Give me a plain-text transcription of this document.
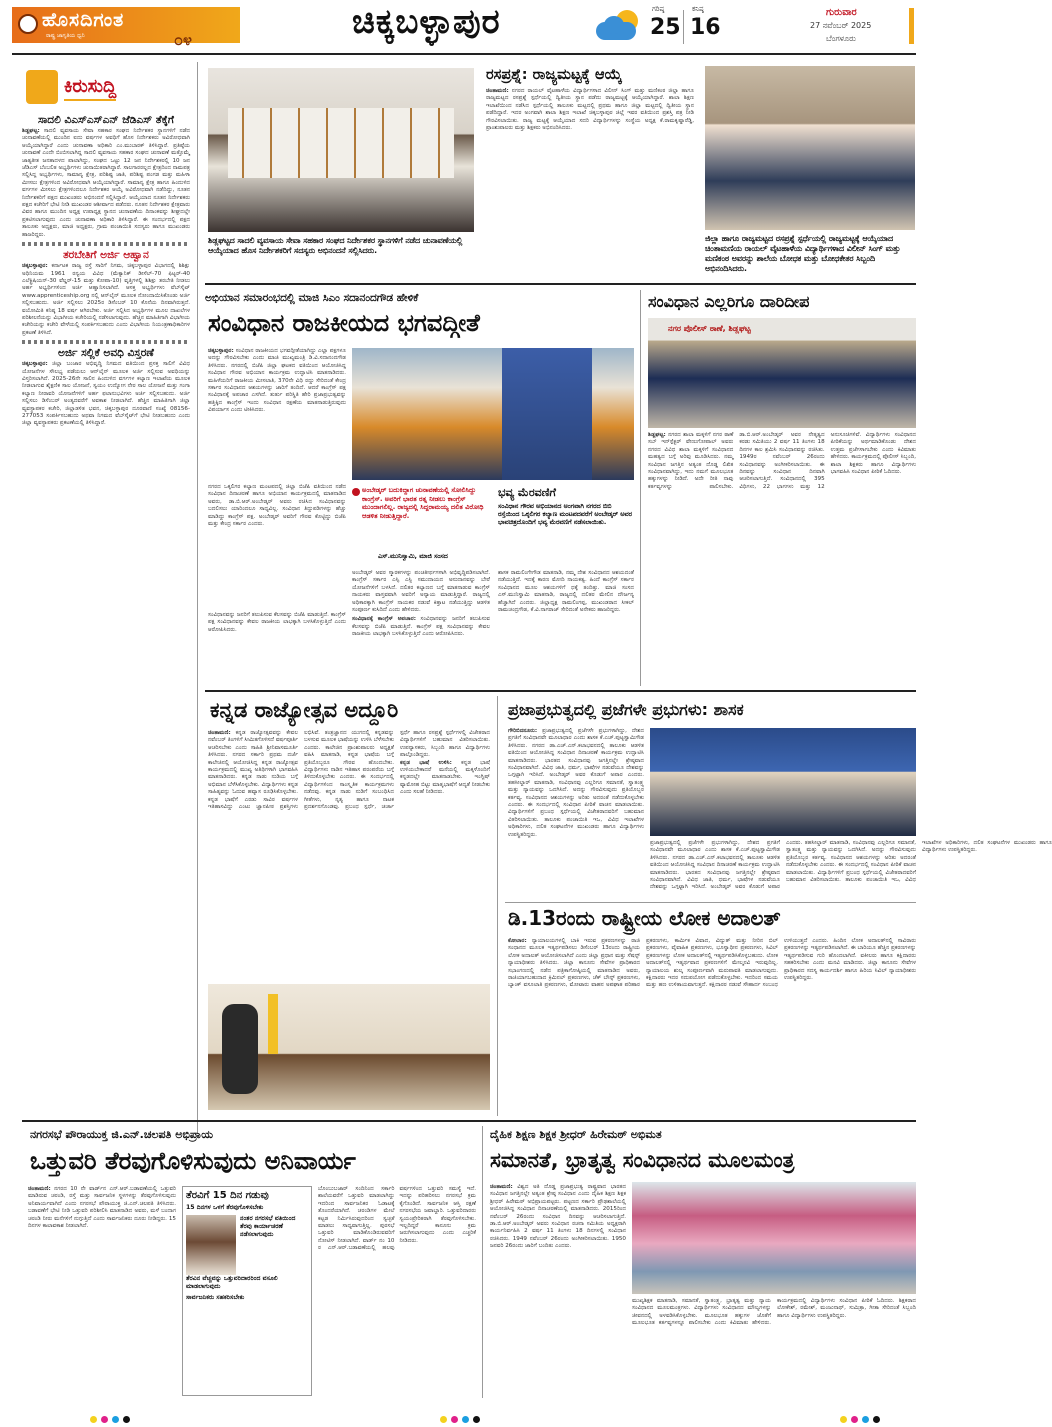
ಹೊಸದಿಗಂತ
ರಾಷ್ಟ್ರ ಜಾಗೃತಿಯ ಧ್ವನಿ	೦೪	ಚಿಕ್ಕಬಳ್ಳಾಪುರ	ಗರಿಷ್ಠ
25
ಕನಿಷ್ಠ
16
ಗುರುವಾರ
27 ನವೆಂಬರ್ 2025
ಬೆಂಗಳೂರು
ಕಿರುಸುದ್ದಿ
ಸಾದಲಿ ವಿಎಸ್‌ಎಸ್‌ಎನ್ ಜೆಡಿಎಸ್ ತೆಕ್ಕೆಗೆ

ಶಿಡ್ಲಘಟ್ಟ: ಸಾದಲಿ ವ್ಯವಸಾಯ ಸೇವಾ ಸಹಕಾರ ಸಂಘದ ನಿರ್ದೇಶಕರ ಸ್ಥಾನಗಳಿಗೆ ನಡೆದ ಚುನಾವಣೆಯಲ್ಲಿ ಮುಂದಿನ ಐದು ವರ್ಷಗಳ ಅವಧಿಗೆ ಹೊಸ ನಿರ್ದೇಶಕರು ಅವಿರೋಧವಾಗಿ ಆಯ್ಕೆಯಾಗಿದ್ದಾರೆ ಎಂದು ಚುನಾವಣಾ ಅಧಿಕಾರಿ ಎಂ.ಮುಬಾರಕ್ ತಿಳಿಸಿದ್ದಾರೆ. ಪ್ರತಿಷ್ಠೆಯ ಚುನಾವಣೆ ಎಂದೇ ಬಿಂಬಿಸಲಾಗಿದ್ದ ಸಾದಲಿ ವ್ಯವಸಾಯ ಸಹಕಾರ ಸಂಘದ ಚುನಾವಣೆ ಮತ್ತೊಮ್ಮೆ ಜಾತ್ಯತೀತ ಜನತಾದಳದ ಪಾಲಾಗಿದ್ದು, ಸಂಘದ ಒಟ್ಟು 12 ಜನ ನಿರ್ದೇಶಕರಲ್ಲಿ 10 ಜನ ಜೆಡಿಎಸ್ ಬೆಂಬಲಿತ ಅಭ್ಯರ್ಥಿಗಳು ಚುನಾಯಿತರಾಗಿದ್ದಾರೆ. ಸಾಲಗಾರರಲ್ಲದ ಕ್ಷೇತ್ರದಿಂದ ನಾಮಪತ್ರ ಸಲ್ಲಿಸಿದ್ದ ಅಭ್ಯರ್ಥಿಗಳು, ಸಾಮಾನ್ಯ ಕ್ಷೇತ್ರ, ಪರಿಶಿಷ್ಟ ಜಾತಿ, ಪರಿಶಿಷ್ಟ ಪಂಗಡ ಮತ್ತು ಮಹಿಳಾ ಮೀಸಲು ಕ್ಷೇತ್ರಗಳಿಂದ ಅವಿರೋಧವಾಗಿ ಆಯ್ಕೆಯಾಗಿದ್ದಾರೆ. ಸಾಮಾನ್ಯ ಕ್ಷೇತ್ರ ಹಾಗೂ ಹಿಂದುಳಿದ ವರ್ಗಗಳ ಮೀಸಲು ಕ್ಷೇತ್ರಗಳಿಂದಲೂ ನಿರ್ದೇಶಕರ ಆಯ್ಕೆ ಅವಿರೋಧವಾಗಿ ನಡೆದಿದ್ದು, ನೂತನ ನಿರ್ದೇಶಕರಿಗೆ ಪಕ್ಷದ ಮುಖಂಡರು ಅಭಿನಂದನೆ ಸಲ್ಲಿಸಿದ್ದಾರೆ. ಆಯ್ಕೆಯಾದ ನೂತನ ನಿರ್ದೇಶಕರು ಪಕ್ಷದ ಕಚೇರಿಗೆ ಭೇಟಿ ನೀಡಿ ಮುಖಂಡರ ಆಶೀರ್ವಾದ ಪಡೆದರು. ನೂತನ ನಿರ್ದೇಶಕರ ಕ್ಷೇತ್ರವಾರು ವಿವರ ಹಾಗೂ ಮುಂದಿನ ಅಧ್ಯಕ್ಷ ಉಪಾಧ್ಯಕ್ಷ ಸ್ಥಾನದ ಚುನಾವಣೆಯ ದಿನಾಂಕವನ್ನು ಶೀಘ್ರದಲ್ಲೇ ಪ್ರಕಟಿಸಲಾಗುವುದು ಎಂದು ಚುನಾವಣಾ ಅಧಿಕಾರಿ ತಿಳಿಸಿದ್ದಾರೆ. ಈ ಸಂದರ್ಭದಲ್ಲಿ ಪಕ್ಷದ ತಾಲೂಕು ಅಧ್ಯಕ್ಷರು, ಮಾಜಿ ಅಧ್ಯಕ್ಷರು, ಗ್ರಾಮ ಪಂಚಾಯಿತಿ ಸದಸ್ಯರು ಹಾಗೂ ಮುಖಂಡರು ಹಾಜರಿದ್ದರು.

ತರಬೇತಿಗೆ ಅರ್ಜಿ ಆಹ್ವಾನ

ಚಿಕ್ಕಬಳ್ಳಾಪುರ: ಕರ್ನಾಟಕ ರಾಜ್ಯ ರಸ್ತೆ ಸಾರಿಗೆ ನಿಗಮ, ಚಿಕ್ಕಬಳ್ಳಾಪುರ ವಿಭಾಗದಲ್ಲಿ ಶಿಶಿಕ್ಷು ಅಧಿನಿಯಮ 1961 ರನ್ವಯ ವಿವಿಧ (ಮೆಕ್ಯಾನಿಕ್ ಡೀಸೆಲ್-70 ಫಿಟ್ಟರ್-40 ಎಲೆಕ್ಟ್ರಿಷಿಯನ್-30 ವೆಲ್ಡರ್-15 ಮತ್ತು ಕೋಪಾ-10) ವೃತ್ತಿಗಳಲ್ಲಿ ಶಿಶಿಕ್ಷು ತರಬೇತಿ ನೀಡಲು ಅರ್ಹ ಅಭ್ಯರ್ಥಿಗಳಿಂದ ಅರ್ಜಿ ಆಹ್ವಾನಿಸಲಾಗಿದೆ. ಆಸಕ್ತ ಅಭ್ಯರ್ಥಿಗಳು ವೆಬ್‌ಸೈಟ್ www.apprenticeship.org ನಲ್ಲಿ ಆನ್‌ಲೈನ್ ಮೂಲಕ ನೋಂದಾಯಿಸಿಕೊಂಡು ಅರ್ಜಿ ಸಲ್ಲಿಸಬಹುದು. ಅರ್ಜಿ ಸಲ್ಲಿಸಲು 2025ರ ಡಿಸೆಂಬರ್ 10 ಕೊನೆಯ ದಿನವಾಗಿರುತ್ತದೆ. ವಯೋಮಿತಿ ಕನಿಷ್ಠ 18 ವರ್ಷ ಆಗಿರಬೇಕು. ಅರ್ಜಿ ಸಲ್ಲಿಸಿದ ಅಭ್ಯರ್ಥಿಗಳ ಮೂಲ ದಾಖಲೆಗಳ ಪರಿಶೀಲನೆಯನ್ನು ವಿಭಾಗೀಯ ಕಚೇರಿಯಲ್ಲಿ ನಡೆಸಲಾಗುವುದು. ಹೆಚ್ಚಿನ ಮಾಹಿತಿಗಾಗಿ ವಿಭಾಗೀಯ ಕಚೇರಿಯನ್ನು ಕಚೇರಿ ವೇಳೆಯಲ್ಲಿ ಸಂಪರ್ಕಿಸಬಹುದು ಎಂದು ವಿಭಾಗೀಯ ನಿಯಂತ್ರಣಾಧಿಕಾರಿಗಳ ಪ್ರಕಟಣೆ ತಿಳಿಸಿದೆ.

ಅರ್ಜಿ ಸಲ್ಲಿಕೆ ಅವಧಿ ವಿಸ್ತರಣೆ

ಚಿಕ್ಕಬಳ್ಳಾಪುರ: ಜಿಲ್ಲಾ ಬಂಜಾರ ಅಭಿವೃದ್ಧಿ ನಿಗಮದ ವತಿಯಿಂದ ಪ್ರಸಕ್ತ ಸಾಲಿಗೆ ವಿವಿಧ ಯೋಜನೆಗಳ ಸೌಲಭ್ಯ ಪಡೆಯಲು ಆನ್‌ಲೈನ್ ಮೂಲಕ ಅರ್ಜಿ ಸಲ್ಲಿಸುವ ಅವಧಿಯನ್ನು ವಿಸ್ತರಿಸಲಾಗಿದೆ. 2025-26ನೇ ಸಾಲಿನ ಹಿಂದುಳಿದ ವರ್ಗಗಳ ಕಲ್ಯಾಣ ಇಲಾಖೆಯ ಮೂಲಕ ನೀಡಲಾಗುವ ಶೈಕ್ಷಣಿಕ ಸಾಲ ಯೋಜನೆ, ಸ್ವಯಂ ಉದ್ಯೋಗ ನೇರ ಸಾಲ ಯೋಜನೆ ಮತ್ತು ಗಂಗಾ ಕಲ್ಯಾಣ ನೀರಾವರಿ ಯೋಜನೆಗಳಿಗೆ ಅರ್ಹ ಫಲಾನುಭವಿಗಳು ಅರ್ಜಿ ಸಲ್ಲಿಸಬಹುದು. ಅರ್ಜಿ ಸಲ್ಲಿಸಲು ಡಿಸೆಂಬರ್ ಅಂತ್ಯದವರೆಗೆ ಅವಕಾಶ ನೀಡಲಾಗಿದೆ. ಹೆಚ್ಚಿನ ಮಾಹಿತಿಗಾಗಿ ಜಿಲ್ಲಾ ವ್ಯವಸ್ಥಾಪಕರ ಕಚೇರಿ, ಜಿಲ್ಲಾಡಳಿತ ಭವನ, ಚಿಕ್ಕಬಳ್ಳಾಪುರ ದೂರವಾಣಿ ಸಂಖ್ಯೆ 08156-277053 ಸಂಪರ್ಕಿಸಬಹುದು ಅಥವಾ ನಿಗಮದ ವೆಬ್‌ಸೈಟ್‌ಗೆ ಭೇಟಿ ನೀಡಬಹುದು ಎಂದು ಜಿಲ್ಲಾ ವ್ಯವಸ್ಥಾಪಕರು ಪ್ರಕಟಣೆಯಲ್ಲಿ ತಿಳಿಸಿದ್ದಾರೆ.

ಶಿಡ್ಲಘಟ್ಟದ ಸಾದಲಿ ವ್ಯವಸಾಯ ಸೇವಾ ಸಹಕಾರ ಸಂಘದ ನಿರ್ದೇಶಕರ ಸ್ಥಾನಗಳಿಗೆ ನಡೆದ ಚುನಾವಣೆಯಲ್ಲಿ ಆಯ್ಕೆಯಾದ ಹೊಸ ನಿರ್ದೇಶಕರಿಗೆ ಸದಸ್ಯರು ಅಭಿನಂದನೆ ಸಲ್ಲಿಸಿದರು.
ರಸಪ್ರಶ್ನೆ: ರಾಜ್ಯಮಟ್ಟಕ್ಕೆ ಆಯ್ಕೆ
ಚಿಂತಾಮಣಿ: ನಗರದ ರಾಯಲ್ ವೈಟಹಾಳೆಯ ವಿದ್ಯಾರ್ಥಿಗಳಾದ ವಿಲೀನ್ ಸಿಂಗ್ ಮತ್ತು ಮಣಿಕಂಠ ಜಿಲ್ಲಾ ಹಾಗೂ ರಾಜ್ಯಮಟ್ಟದ ರಸಪ್ರಶ್ನೆ ಸ್ಪರ್ಧೆಯಲ್ಲಿ ದ್ವಿತೀಯ ಸ್ಥಾನ ಪಡೆದು ರಾಜ್ಯಮಟ್ಟಕ್ಕೆ ಆಯ್ಕೆಯಾಗಿದ್ದಾರೆ. ಶಾಲಾ ಶಿಕ್ಷಣ ಇಲಾಖೆಯಿಂದ ನಡೆಸಿದ ಸ್ಪರ್ಧೆಯಲ್ಲಿ ತಾಲೂಕು ಮಟ್ಟದಲ್ಲಿ ಪ್ರಥಮ ಹಾಗೂ ಜಿಲ್ಲಾ ಮಟ್ಟದಲ್ಲಿ ದ್ವಿತೀಯ ಸ್ಥಾನ ಪಡೆದಿದ್ದಾರೆ. ಇದರ ಅಂಗವಾಗಿ ಶಾಲಾ ಶಿಕ್ಷಣ ಇಲಾಖೆ ಚಿಕ್ಕಬಳ್ಳಾಪುರ ಜಿಲ್ಲೆ ಇವರ ವತಿಯಿಂದ ಪ್ರಶಸ್ತಿ ಪತ್ರ ನೀಡಿ ಗೌರವಿಸಲಾಯಿತು. ರಾಜ್ಯ ಮಟ್ಟಕ್ಕೆ ಆಯ್ಕೆಯಾದ ಸದರಿ ವಿದ್ಯಾರ್ಥಿಗಳನ್ನು ಸಂಸ್ಥೆಯ ಅಧ್ಯಕ್ಷ ಕೆ.ರಾಮಕೃಷ್ಣಾರೆಡ್ಡಿ, ಪ್ರಾಂಶುಪಾಲರು ಮತ್ತು ಶಿಕ್ಷಕರು ಅಭಿನಂದಿಸಿದರು.
ಜಿಲ್ಲಾ ಹಾಗೂ ರಾಜ್ಯಮಟ್ಟದ ರಸಪ್ರಶ್ನೆ ಸ್ಪರ್ಧೆಯಲ್ಲಿ ರಾಜ್ಯಮಟ್ಟಕ್ಕೆ ಆಯ್ಕೆಯಾದ ಚಿಂತಾಮಣಿಯ ರಾಯಲ್ ವೈಟಹಾಳೆಯ ವಿದ್ಯಾರ್ಥಿಗಳಾದ ವಿಲೀನ್ ಸಿಂಗ್ ಮತ್ತು ಮಣಿಕಂಠ ಅವರನ್ನು ಶಾಲೆಯ ಬೋಧಕ ಮತ್ತು ಬೋಧಕೇತರ ಸಿಬ್ಬಂದಿ ಅಭಿನಂದಿಸಿದರು.
ಅಭಿಯಾನ ಸಮಾರಂಭದಲ್ಲಿ ಮಾಜಿ ಸಿಎಂ ಸದಾನಂದಗೌಡ ಹೇಳಿಕೆ
ಸಂವಿಧಾನ ರಾಜಕೀಯದ ಭಗವದ್ಗೀತೆ
ಚಿಕ್ಕಬಳ್ಳಾಪುರ: ಸಂವಿಧಾನ ರಾಜಕೀಯದ ಭಗವದ್ಗೀತೆಯಾಗಿದ್ದು ಎಲ್ಲಾ ಪಕ್ಷಗಳೂ ಅದನ್ನು ಗೌರವಿಸಬೇಕು ಎಂದು ಮಾಜಿ ಮುಖ್ಯಮಂತ್ರಿ ಡಿ.ವಿ.ಸದಾನಂದಗೌಡ ತಿಳಿಸಿದರು. ನಗರದಲ್ಲಿ ಬಿಜೆಪಿ ಜಿಲ್ಲಾ ಘಟಕದ ವತಿಯಿಂದ ಆಯೋಜಿಸಿದ್ದ ಸಂವಿಧಾನ ಗೌರವ ಅಭಿಯಾನ ಕಾರ್ಯಕ್ರಮ ಉದ್ಘಾಟಿಸಿ ಮಾತನಾಡಿದರು. ಮಹಿಳೆಯರಿಗೆ ರಾಜಕೀಯ ಮೀಸಲಾತಿ, 370ನೇ ವಿಧಿ ರದ್ದು ಸೇರಿದಂತೆ ಕೇಂದ್ರ ಸರ್ಕಾರ ಸಂವಿಧಾನದ ಆಶಯಗಳನ್ನು ಜಾರಿಗೆ ತಂದಿದೆ. ಆದರೆ ಕಾಂಗ್ರೆಸ್ ಪಕ್ಷ ಸಂವಿಧಾನಕ್ಕೆ ಅಪಚಾರ ಎಸಗಿದೆ. ತುರ್ತು ಪರಿಸ್ಥಿತಿ ಹೇರಿ ಪ್ರಜಾಪ್ರಭುತ್ವವನ್ನು ಹತ್ತಿಕ್ಕಿದ ಕಾಂಗ್ರೆಸ್ ಇಂದು ಸಂವಿಧಾನ ರಕ್ಷಣೆಯ ಮಾತನಾಡುತ್ತಿರುವುದು ವಿಪರ್ಯಾಸ ಎಂದು ಟೀಕಿಸಿದರು.
ನಗರದ ಒಕ್ಕಲಿಗರ ಕಲ್ಯಾಣ ಮಂಟಪದಲ್ಲಿ ಜಿಲ್ಲಾ ಬಿಜೆಪಿ ವತಿಯಿಂದ ನಡೆದ ಸಂವಿಧಾನ ದಿನಾಚರಣೆ ಹಾಗೂ ಅಭಿಯಾನ ಕಾರ್ಯಕ್ರಮದಲ್ಲಿ ಮಾತನಾಡಿದ ಅವರು, ಡಾ.ಬಿ.ಆರ್.ಅಂಬೇಡ್ಕರ್ ಅವರು ರಚಿಸಿದ ಸಂವಿಧಾನವನ್ನು ಬದಲಿಸಲು ಯಾರಿಂದಲೂ ಸಾಧ್ಯವಿಲ್ಲ. ಸಂವಿಧಾನ ತಿದ್ದುಪಡಿಗಳನ್ನು ಹೆಚ್ಚು ಮಾಡಿದ್ದು ಕಾಂಗ್ರೆಸ್ ಪಕ್ಷ. ಅಂಬೇಡ್ಕರ್ ಅವರಿಗೆ ಗೌರವ ಕೊಟ್ಟಿದ್ದು ಬಿಜೆಪಿ ಮತ್ತು ಕೇಂದ್ರ ಸರ್ಕಾರ ಎಂದರು.
ಅಂಬೇಡ್ಕರ್ ಬದುಕಿದ್ದಾಗ ಚುನಾವಣೆಯಲ್ಲಿ ಸೋಲಿಸಿದ್ದು ಕಾಂಗ್ರೆಸ್. ಅವರಿಗೆ ಭಾರತ ರತ್ನ ನೀಡಲು ಕಾಂಗ್ರೆಸ್ ಮುಂದಾಗಲಿಲ್ಲ. ರಾಜ್ಯದಲ್ಲಿ ಸಿದ್ದರಾಮಯ್ಯ ದಲಿತ ವಿರೋಧಿ ಆಡಳಿತ ನೀಡುತ್ತಿದ್ದಾರೆ.
ಎಸ್.ಮುನಿಸ್ವಾಮಿ, ಮಾಜಿ ಸಂಸದ
ಭವ್ಯ ಮೆರವಣಿಗೆ
ಸಂವಿಧಾನ ಗೌರವ ಅಭಿಯಾನದ ಅಂಗವಾಗಿ ನಗರದ ಬಿಬಿ ರಸ್ತೆಯಿಂದ ಒಕ್ಕಲಿಗರ ಕಲ್ಯಾಣ ಮಂಟಪದವರೆಗೆ ಅಂಬೇಡ್ಕರ್ ಅವರ ಭಾವಚಿತ್ರದೊಂದಿಗೆ ಭವ್ಯ ಮೆರವಣಿಗೆ ನಡೆಸಲಾಯಿತು.
ಅಂಬೇಡ್ಕರ್ ಅವರ ಸ್ಮಾರಕಗಳನ್ನು ಪಂಚತೀರ್ಥಗಳಾಗಿ ಅಭಿವೃದ್ಧಿಪಡಿಸಲಾಗಿದೆ. ಕಾಂಗ್ರೆಸ್ ಸರ್ಕಾರ ಎಸ್ಸಿ ಎಸ್ಟಿ ಸಮುದಾಯದ ಅನುದಾನವನ್ನು ಬೇರೆ ಯೋಜನೆಗಳಿಗೆ ಬಳಸಿದೆ. ದಲಿತರ ಕಲ್ಯಾಣದ ಬಗ್ಗೆ ಮಾತನಾಡುವ ಕಾಂಗ್ರೆಸ್ ನಾಯಕರು ವಾಸ್ತವವಾಗಿ ಅವರಿಗೆ ಅನ್ಯಾಯ ಮಾಡುತ್ತಿದ್ದಾರೆ. ರಾಜ್ಯದಲ್ಲಿ ಅಧಿಕಾರಕ್ಕಾಗಿ ಕಾಂಗ್ರೆಸ್ ನಾಯಕರ ನಡುವೆ ಕಿತ್ತಾಟ ನಡೆಯುತ್ತಿದ್ದು ಆಡಳಿತ ಸಂಪೂರ್ಣ ಕುಸಿದಿದೆ ಎಂದು ಹೇಳಿದರು.

ಸಂವಿಧಾನಕ್ಕೆ ಕಾಂಗ್ರೆಸ್ ಅಪಚಾರ: ಸಂವಿಧಾನವನ್ನು ಜನರಿಗೆ ತಲುಪಿಸುವ ಕೆಲಸವನ್ನು ಬಿಜೆಪಿ ಮಾಡುತ್ತಿದೆ. ಕಾಂಗ್ರೆಸ್ ಪಕ್ಷ ಸಂವಿಧಾನವನ್ನು ಕೇವಲ ರಾಜಕೀಯ ಲಾಭಕ್ಕಾಗಿ ಬಳಸಿಕೊಳ್ಳುತ್ತಿದೆ ಎಂದು ಆರೋಪಿಸಿದರು.

ಶಾಸಕ ರಾಮಲಿಂಗೇಗೌಡ ಮಾತನಾಡಿ, ನಮ್ಮ ದೇಶ ಸಂವಿಧಾನದ ಆಶಯದಂತೆ ನಡೆಯುತ್ತಿದೆ. ಇದಕ್ಕೆ ಕಾರಣ ಮೋದಿ ನಾಯಕತ್ವ. ಹಿಂದೆ ಕಾಂಗ್ರೆಸ್ ಸರ್ಕಾರ ಸಂವಿಧಾನದ ಮೂಲ ಆಶಯಗಳಿಗೆ ಧಕ್ಕೆ ತಂದಿತ್ತು. ಮಾಜಿ ಸಂಸದ ಎಸ್.ಮುನಿಸ್ವಾಮಿ ಮಾತನಾಡಿ, ರಾಜ್ಯದಲ್ಲಿ ದಲಿತರ ಮೇಲಿನ ದೌರ್ಜನ್ಯ ಹೆಚ್ಚಾಗಿದೆ ಎಂದರು. ಜಿಲ್ಲಾಧ್ಯಕ್ಷ ರಾಮಲಿಂಗಪ್ಪ, ಮುಖಂಡರಾದ ಸೀಕಲ್ ರಾಮಚಂದ್ರಗೌಡ, ಕೆ.ವಿ.ನಾಗರಾಜ್ ಸೇರಿದಂತೆ ಅನೇಕರು ಹಾಜರಿದ್ದರು.
ಸಂವಿಧಾನವನ್ನು ಜನರಿಗೆ ತಲುಪಿಸುವ ಕೆಲಸವನ್ನು ಬಿಜೆಪಿ ಮಾಡುತ್ತಿದೆ. ಕಾಂಗ್ರೆಸ್ ಪಕ್ಷ ಸಂವಿಧಾನವನ್ನು ಕೇವಲ ರಾಜಕೀಯ ಲಾಭಕ್ಕಾಗಿ ಬಳಸಿಕೊಳ್ಳುತ್ತಿದೆ ಎಂದು ಆರೋಪಿಸಿದರು.
ಸಂವಿಧಾನ ಎಲ್ಲರಿಗೂ ದಾರಿದೀಪ
ನಗರ ಪೊಲೀಸ್ ಠಾಣೆ, ಶಿಡ್ಲಘಟ್ಟ
ಶಿಡ್ಲಘಟ್ಟ: ನಗರದ ಶಾಲಾ ಮಕ್ಕಳಿಗೆ ನಗರ ಠಾಣೆ ಸಬ್ ಇನ್‌ಸ್ಪೆಕ್ಟರ್ ವೇಣುಗೋಪಾಲ್ ಅವರು ನಗರದ ವಿವಿಧ ಶಾಲಾ ಮಕ್ಕಳಿಗೆ ಸಂವಿಧಾನದ ಮಹತ್ವದ ಬಗ್ಗೆ ಅರಿವು ಮೂಡಿಸಿದರು. ನಮ್ಮ ಸಂವಿಧಾನ ಜಗತ್ತಿನ ಅತ್ಯಂತ ದೊಡ್ಡ ಲಿಖಿತ ಸಂವಿಧಾನವಾಗಿದ್ದು, ಇದು ನಮಗೆ ಮೂಲಭೂತ ಹಕ್ಕುಗಳನ್ನು ನೀಡಿದೆ. ಅದೇ ರೀತಿ ನಾವು ಕರ್ತವ್ಯಗಳನ್ನು ಪಾಲಿಸಬೇಕು. ಡಾ.ಬಿ.ಆರ್.ಅಂಬೇಡ್ಕರ್ ಅವರ ನೇತೃತ್ವದ ಕರಡು ಸಮಿತಿಯು 2 ವರ್ಷ 11 ತಿಂಗಳು 18 ದಿನಗಳ ಕಾಲ ಶ್ರಮಿಸಿ ಸಂವಿಧಾನವನ್ನು ರಚಿಸಿತು. 1949ರ ನವೆಂಬರ್ 26ರಂದು ಸಂವಿಧಾನವನ್ನು ಅಂಗೀಕರಿಸಲಾಯಿತು. ಈ ದಿನವನ್ನು ಸಂವಿಧಾನ ದಿನವಾಗಿ ಆಚರಿಸಲಾಗುತ್ತಿದೆ. ಸಂವಿಧಾನದಲ್ಲಿ 395 ವಿಧಿಗಳು, 22 ಭಾಗಗಳು ಮತ್ತು 12 ಅನುಸೂಚಿಗಳಿವೆ. ವಿದ್ಯಾರ್ಥಿಗಳು ಸಂವಿಧಾನದ ಪೀಠಿಕೆಯನ್ನು ಅರ್ಥಮಾಡಿಕೊಂಡು ದೇಶದ ಉತ್ತಮ ಪ್ರಜೆಗಳಾಗಬೇಕು ಎಂದು ಕಿವಿಮಾತು ಹೇಳಿದರು. ಕಾರ್ಯಕ್ರಮದಲ್ಲಿ ಪೊಲೀಸ್ ಸಿಬ್ಬಂದಿ, ಶಾಲಾ ಶಿಕ್ಷಕರು ಹಾಗೂ ವಿದ್ಯಾರ್ಥಿಗಳು ಭಾಗವಹಿಸಿ ಸಂವಿಧಾನ ಪೀಠಿಕೆ ಓದಿದರು.
ಕನ್ನಡ ರಾಜ್ಯೋತ್ಸವ ಅದ್ದೂರಿ
ಚಿಂತಾಮಣಿ: ಕನ್ನಡ ರಾಜ್ಯೋತ್ಸವವನ್ನು ಕೇವಲ ನವೆಂಬರ್ ತಿಂಗಳಿಗೆ ಸೀಮಿತಗೊಳಿಸದೆ ವರ್ಷಪೂರ್ತಿ ಆಚರಿಸಬೇಕು ಎಂದು ಸಾಹಿತಿ ಶ್ರೀನಿವಾಸಮೂರ್ತಿ ತಿಳಿಸಿದರು. ನಗರದ ಸರ್ಕಾರಿ ಪ್ರಥಮ ದರ್ಜೆ ಕಾಲೇಜಿನಲ್ಲಿ ಆಯೋಜಿಸಿದ್ದ ಕನ್ನಡ ರಾಜ್ಯೋತ್ಸವ ಕಾರ್ಯಕ್ರಮದಲ್ಲಿ ಮುಖ್ಯ ಅತಿಥಿಗಳಾಗಿ ಭಾಗವಹಿಸಿ ಮಾತನಾಡಿದರು. ಕನ್ನಡ ನಾಡು ನುಡಿಯ ಬಗ್ಗೆ ಅಭಿಮಾನ ಬೆಳೆಸಿಕೊಳ್ಳಬೇಕು. ವಿದ್ಯಾರ್ಥಿಗಳು ಕನ್ನಡ ಸಾಹಿತ್ಯವನ್ನು ಓದುವ ಹವ್ಯಾಸ ರೂಢಿಸಿಕೊಳ್ಳಬೇಕು. ಕನ್ನಡ ಭಾಷೆಗೆ ಎರಡು ಸಾವಿರ ವರ್ಷಗಳ ಇತಿಹಾಸವಿದ್ದು ಎಂಟು ಜ್ಞಾನಪೀಠ ಪ್ರಶಸ್ತಿಗಳು ಲಭಿಸಿವೆ. ತಂತ್ರಜ್ಞಾನದ ಯುಗದಲ್ಲಿ ಕನ್ನಡವನ್ನು ಬಳಸುವ ಮೂಲಕ ಭಾಷೆಯನ್ನು ಉಳಿಸಿ ಬೆಳೆಸಬೇಕು ಎಂದರು. ಕಾಲೇಜಿನ ಪ್ರಾಂಶುಪಾಲರು ಅಧ್ಯಕ್ಷತೆ ವಹಿಸಿ ಮಾತನಾಡಿ, ಕನ್ನಡ ಭಾಷೆಯ ಬಗ್ಗೆ ಪ್ರತಿಯೊಬ್ಬರೂ ಗೌರವ ಹೊಂದಬೇಕು. ವಿದ್ಯಾರ್ಥಿಗಳು ನಾಡಿನ ಇತಿಹಾಸ ಪರಂಪರೆಯ ಬಗ್ಗೆ ತಿಳಿದುಕೊಳ್ಳಬೇಕು ಎಂದರು. ಈ ಸಂದರ್ಭದಲ್ಲಿ ವಿದ್ಯಾರ್ಥಿಗಳಿಂದ ಸಾಂಸ್ಕೃತಿಕ ಕಾರ್ಯಕ್ರಮಗಳು ನಡೆದವು. ಕನ್ನಡ ನಾಡು ನುಡಿಗೆ ಸಂಬಂಧಿಸಿದ ಗೀತೆಗಳು, ನೃತ್ಯ ಹಾಗೂ ನಾಟಕ ಪ್ರದರ್ಶನಗೊಂಡವು. ಪ್ರಬಂಧ ಸ್ಪರ್ಧೆ, ಚರ್ಚಾ ಸ್ಪರ್ಧೆ ಹಾಗೂ ರಸಪ್ರಶ್ನೆ ಸ್ಪರ್ಧೆಗಳಲ್ಲಿ ವಿಜೇತರಾದ ವಿದ್ಯಾರ್ಥಿಗಳಿಗೆ ಬಹುಮಾನ ವಿತರಿಸಲಾಯಿತು. ಉಪನ್ಯಾಸಕರು, ಸಿಬ್ಬಂದಿ ಹಾಗೂ ವಿದ್ಯಾರ್ಥಿಗಳು ಪಾಲ್ಗೊಂಡಿದ್ದರು.

ಕನ್ನಡ ಭಾಷೆ ಉಳಿಸಿ: ಕನ್ನಡ ಭಾಷೆ ಉಳಿಯಬೇಕಾದರೆ ಮನೆಯಲ್ಲಿ ಮಕ್ಕಳೊಂದಿಗೆ ಕನ್ನಡದಲ್ಲೇ ಮಾತನಾಡಬೇಕು. ಇಂಗ್ಲಿಷ್ ವ್ಯಾಮೋಹ ಬಿಟ್ಟು ಮಾತೃಭಾಷೆಗೆ ಆದ್ಯತೆ ನೀಡಬೇಕು ಎಂದು ಸಲಹೆ ನೀಡಿದರು.

ಪ್ರಜಾಪ್ರಭುತ್ವದಲ್ಲಿ ಪ್ರಜೆಗಳೇ ಪ್ರಭುಗಳು: ಶಾಸಕ
ಗೌರಿಬಿದನೂರು: ಪ್ರಜಾಪ್ರಭುತ್ವದಲ್ಲಿ ಪ್ರಜೆಗಳೇ ಪ್ರಭುಗಳಾಗಿದ್ದು, ದೇಶದ ಪ್ರಗತಿಗೆ ಸಂವಿಧಾನವೇ ಮೂಲಾಧಾರ ಎಂದು ಶಾಸಕ ಕೆ.ಎಚ್.ಪುಟ್ಟಸ್ವಾಮಿಗೌಡ ತಿಳಿಸಿದರು. ನಗರದ ಡಾ.ಎಚ್.ಎನ್.ಕಲಾಭವನದಲ್ಲಿ ತಾಲೂಕು ಆಡಳಿತ ವತಿಯಿಂದ ಆಯೋಜಿಸಿದ್ದ ಸಂವಿಧಾನ ದಿನಾಚರಣೆ ಕಾರ್ಯಕ್ರಮ ಉದ್ಘಾಟಿಸಿ ಮಾತನಾಡಿದರು. ಭಾರತದ ಸಂವಿಧಾನವು ಜಗತ್ತಿನಲ್ಲೇ ಶ್ರೇಷ್ಠವಾದ ಸಂವಿಧಾನವಾಗಿದೆ. ವಿವಿಧ ಜಾತಿ, ಧರ್ಮ, ಭಾಷೆಗಳ ನಡುವೆಯೂ ದೇಶವನ್ನು ಒಗ್ಗಟ್ಟಾಗಿ ಇರಿಸಿದೆ. ಅಂಬೇಡ್ಕರ್ ಅವರ ಕೊಡುಗೆ ಅಪಾರ ಎಂದರು. ತಹಸೀಲ್ದಾರ್ ಮಾತನಾಡಿ, ಸಂವಿಧಾನವು ಎಲ್ಲರಿಗೂ ಸಮಾನತೆ, ಸ್ವಾತಂತ್ರ್ಯ ಮತ್ತು ನ್ಯಾಯವನ್ನು ಒದಗಿಸಿದೆ. ಅದನ್ನು ಗೌರವಿಸುವುದು ಪ್ರತಿಯೊಬ್ಬರ ಕರ್ತವ್ಯ. ಸಂವಿಧಾನದ ಆಶಯಗಳನ್ನು ಅರಿತು ಅದರಂತೆ ನಡೆದುಕೊಳ್ಳಬೇಕು ಎಂದರು. ಈ ಸಂದರ್ಭದಲ್ಲಿ ಸಂವಿಧಾನ ಪೀಠಿಕೆ ವಾಚನ ಮಾಡಲಾಯಿತು. ವಿದ್ಯಾರ್ಥಿಗಳಿಗೆ ಪ್ರಬಂಧ ಸ್ಪರ್ಧೆಯಲ್ಲಿ ವಿಜೇತರಾದವರಿಗೆ ಬಹುಮಾನ ವಿತರಿಸಲಾಯಿತು. ತಾಲೂಕು ಪಂಚಾಯಿತಿ ಇಒ, ವಿವಿಧ ಇಲಾಖೆಗಳ ಅಧಿಕಾರಿಗಳು, ದಲಿತ ಸಂಘಟನೆಗಳ ಮುಖಂಡರು ಹಾಗೂ ವಿದ್ಯಾರ್ಥಿಗಳು ಉಪಸ್ಥಿತರಿದ್ದರು.
ಪ್ರಜಾಪ್ರಭುತ್ವದಲ್ಲಿ ಪ್ರಜೆಗಳೇ ಪ್ರಭುಗಳಾಗಿದ್ದು, ದೇಶದ ಪ್ರಗತಿಗೆ ಸಂವಿಧಾನವೇ ಮೂಲಾಧಾರ ಎಂದು ಶಾಸಕ ಕೆ.ಎಚ್.ಪುಟ್ಟಸ್ವಾಮಿಗೌಡ ತಿಳಿಸಿದರು. ನಗರದ ಡಾ.ಎಚ್.ಎನ್.ಕಲಾಭವನದಲ್ಲಿ ತಾಲೂಕು ಆಡಳಿತ ವತಿಯಿಂದ ಆಯೋಜಿಸಿದ್ದ ಸಂವಿಧಾನ ದಿನಾಚರಣೆ ಕಾರ್ಯಕ್ರಮ ಉದ್ಘಾಟಿಸಿ ಮಾತನಾಡಿದರು. ಭಾರತದ ಸಂವಿಧಾನವು ಜಗತ್ತಿನಲ್ಲೇ ಶ್ರೇಷ್ಠವಾದ ಸಂವಿಧಾನವಾಗಿದೆ. ವಿವಿಧ ಜಾತಿ, ಧರ್ಮ, ಭಾಷೆಗಳ ನಡುವೆಯೂ ದೇಶವನ್ನು ಒಗ್ಗಟ್ಟಾಗಿ ಇರಿಸಿದೆ. ಅಂಬೇಡ್ಕರ್ ಅವರ ಕೊಡುಗೆ ಅಪಾರ ಎಂದರು. ತಹಸೀಲ್ದಾರ್ ಮಾತನಾಡಿ, ಸಂವಿಧಾನವು ಎಲ್ಲರಿಗೂ ಸಮಾನತೆ, ಸ್ವಾತಂತ್ರ್ಯ ಮತ್ತು ನ್ಯಾಯವನ್ನು ಒದಗಿಸಿದೆ. ಅದನ್ನು ಗೌರವಿಸುವುದು ಪ್ರತಿಯೊಬ್ಬರ ಕರ್ತವ್ಯ. ಸಂವಿಧಾನದ ಆಶಯಗಳನ್ನು ಅರಿತು ಅದರಂತೆ ನಡೆದುಕೊಳ್ಳಬೇಕು ಎಂದರು. ಈ ಸಂದರ್ಭದಲ್ಲಿ ಸಂವಿಧಾನ ಪೀಠಿಕೆ ವಾಚನ ಮಾಡಲಾಯಿತು. ವಿದ್ಯಾರ್ಥಿಗಳಿಗೆ ಪ್ರಬಂಧ ಸ್ಪರ್ಧೆಯಲ್ಲಿ ವಿಜೇತರಾದವರಿಗೆ ಬಹುಮಾನ ವಿತರಿಸಲಾಯಿತು. ತಾಲೂಕು ಪಂಚಾಯಿತಿ ಇಒ, ವಿವಿಧ ಇಲಾಖೆಗಳ ಅಧಿಕಾರಿಗಳು, ದಲಿತ ಸಂಘಟನೆಗಳ ಮುಖಂಡರು ಹಾಗೂ ವಿದ್ಯಾರ್ಥಿಗಳು ಉಪಸ್ಥಿತರಿದ್ದರು.
ಡಿ.13ರಂದು ರಾಷ್ಟ್ರೀಯ ಲೋಕ ಅದಾಲತ್
ಕೋಲಾರ: ನ್ಯಾಯಾಲಯಗಳಲ್ಲಿ ಬಾಕಿ ಇರುವ ಪ್ರಕರಣಗಳನ್ನು ರಾಜಿ ಸಂಧಾನದ ಮೂಲಕ ಇತ್ಯರ್ಥಪಡಿಸಲು ಡಿಸೆಂಬರ್ 13ರಂದು ರಾಷ್ಟ್ರೀಯ ಲೋಕ ಅದಾಲತ್ ಆಯೋಜಿಸಲಾಗಿದೆ ಎಂದು ಜಿಲ್ಲಾ ಪ್ರಧಾನ ಮತ್ತು ಸೆಷನ್ಸ್ ನ್ಯಾಯಾಧೀಶರು ತಿಳಿಸಿದರು. ಜಿಲ್ಲಾ ಕಾನೂನು ಸೇವೆಗಳ ಪ್ರಾಧಿಕಾರದ ಸಭಾಂಗಣದಲ್ಲಿ ನಡೆದ ಪತ್ರಿಕಾಗೋಷ್ಠಿಯಲ್ಲಿ ಮಾತನಾಡಿದ ಅವರು, ರಾಜಿಯಾಗಬಹುದಾದ ಕ್ರಿಮಿನಲ್ ಪ್ರಕರಣಗಳು, ಚೆಕ್ ಬೌನ್ಸ್ ಪ್ರಕರಣಗಳು, ಬ್ಯಾಂಕ್ ವಸೂಲಾತಿ ಪ್ರಕರಣಗಳು, ಮೋಟಾರು ವಾಹನ ಅಪಘಾತ ಪರಿಹಾರ ಪ್ರಕರಣಗಳು, ಕಾರ್ಮಿಕ ವಿವಾದ, ವಿದ್ಯುತ್ ಮತ್ತು ನೀರಿನ ಬಿಲ್ ಪ್ರಕರಣಗಳು, ವೈವಾಹಿಕ ಪ್ರಕರಣಗಳು, ಭೂಸ್ವಾಧೀನ ಪ್ರಕರಣಗಳು, ಸಿವಿಲ್ ಪ್ರಕರಣಗಳನ್ನು ಲೋಕ ಅದಾಲತ್‌ನಲ್ಲಿ ಇತ್ಯರ್ಥಪಡಿಸಿಕೊಳ್ಳಬಹುದು. ಲೋಕ ಅದಾಲತ್‌ನಲ್ಲಿ ಇತ್ಯರ್ಥವಾದ ಪ್ರಕರಣಗಳಿಗೆ ಮೇಲ್ಮನವಿ ಇರುವುದಿಲ್ಲ. ನ್ಯಾಯಾಲಯ ಶುಲ್ಕ ಸಂಪೂರ್ಣವಾಗಿ ಮರುಪಾವತಿ ಮಾಡಲಾಗುವುದು. ಕಕ್ಷಿದಾರರು ಇದರ ಸದುಪಯೋಗ ಪಡೆದುಕೊಳ್ಳಬೇಕು. ಇದರಿಂದ ಸಮಯ ಮತ್ತು ಹಣ ಉಳಿತಾಯವಾಗುತ್ತದೆ. ಕಕ್ಷಿದಾರರ ನಡುವೆ ಸೌಹಾರ್ದ ಸಂಬಂಧ ಉಳಿಯುತ್ತದೆ ಎಂದರು. ಹಿಂದಿನ ಲೋಕ ಅದಾಲತ್‌ನಲ್ಲಿ ಸಾವಿರಾರು ಪ್ರಕರಣಗಳನ್ನು ಇತ್ಯರ್ಥಪಡಿಸಲಾಗಿದೆ. ಈ ಬಾರಿಯೂ ಹೆಚ್ಚಿನ ಪ್ರಕರಣಗಳನ್ನು ಇತ್ಯರ್ಥಪಡಿಸುವ ಗುರಿ ಹೊಂದಲಾಗಿದೆ. ವಕೀಲರು ಹಾಗೂ ಕಕ್ಷಿದಾರರು ಸಹಕರಿಸಬೇಕು ಎಂದು ಮನವಿ ಮಾಡಿದರು. ಜಿಲ್ಲಾ ಕಾನೂನು ಸೇವೆಗಳ ಪ್ರಾಧಿಕಾರದ ಸದಸ್ಯ ಕಾರ್ಯದರ್ಶಿ ಹಾಗೂ ಹಿರಿಯ ಸಿವಿಲ್ ನ್ಯಾಯಾಧೀಶರು ಉಪಸ್ಥಿತರಿದ್ದರು.
ನಗರಸಭೆ ಪೌರಾಯುಕ್ತ ಜಿ.ಎನ್.ಚಲಪತಿ ಅಭಿಪ್ರಾಯ
ಒತ್ತುವರಿ ತೆರವುಗೊಳಿಸುವುದು ಅನಿವಾರ್ಯ
ಚಿಂತಾಮಣಿ: ನಗರದ 10 ನೇ ವಾರ್ಡ್‌ನ ಎನ್.ಆರ್.ಬಡಾವಣೆಯಲ್ಲಿ ಒತ್ತುವರಿ ಮಾಡಿರುವ ಚರಂಡಿ, ರಸ್ತೆ ಮತ್ತು ಸಾರ್ವಜನಿಕ ಸ್ಥಳಗಳನ್ನು ತೆರವುಗೊಳಿಸುವುದು ಅನಿವಾರ್ಯವಾಗಿದೆ ಎಂದು ನಗರಸಭೆ ಪೌರಾಯುಕ್ತ ಜಿ.ಎನ್.ಚಲಪತಿ ತಿಳಿಸಿದರು. ಬಡಾವಣೆಗೆ ಭೇಟಿ ನೀಡಿ ಒತ್ತುವರಿ ಪರಿಶೀಲಿಸಿ ಮಾತನಾಡಿದ ಅವರು, ಮಳೆ ಬಂದಾಗ ಚರಂಡಿ ನೀರು ಮನೆಗಳಿಗೆ ನುಗ್ಗುತ್ತಿದೆ ಎಂದು ಸಾರ್ವಜನಿಕರು ದೂರು ನೀಡಿದ್ದರು. 15 ದಿನಗಳ ಕಾಲಾವಕಾಶ ನೀಡಲಾಗಿದೆ.
ತೆರವಿಗೆ 15 ದಿನ ಗಡುವು
15 ದಿನಗಳ ಒಳಗೆ ತೆರವುಗೊಳಿಸಬೇಕು
ನಂತರ ನಗರಸಭೆ ವತಿಯಿಂದ ತೆರವು ಕಾರ್ಯಾಚರಣೆ ನಡೆಸಲಾಗುವುದು
ತೆರವಿನ ವೆಚ್ಚವನ್ನು ಒತ್ತುವರಿದಾರರಿಂದ ವಸೂಲಿ ಮಾಡಲಾಗುವುದು
ಸಾರ್ವಜನಿಕರು ಸಹಕರಿಸಬೇಕು
ಬೊಂಬುಬಜಾರ್ ಸಂದಿನಿಂದ ಸರ್ಕಾರಿ ಶಾಲೆಯವರೆಗೆ ಒತ್ತುವರಿ ಮಾಡಲಾಗಿದ್ದು ಇದರಿಂದ ಸಾರ್ವಜನಿಕರ ಓಡಾಟಕ್ಕೆ ತೊಂದರೆಯಾಗಿದೆ. ಚರಂಡಿಗಳ ಮೇಲೆ ಕಟ್ಟಡ ನಿರ್ಮಿಸಿರುವುದರಿಂದ ಸ್ವಚ್ಛತೆ ಮಾಡಲು ಸಾಧ್ಯವಾಗುತ್ತಿಲ್ಲ. ಪುರಸಭೆ ಒತ್ತುವರಿ ಮಾಡಿಕೊಂಡಿರುವವರಿಗೆ ನೋಟಿಸ್ ನೀಡಲಾಗಿದೆ. ವಾರ್ಡ್ ನಂ 10 ರ ಎನ್.ಆರ್.ಬಡಾವಣೆಯಲ್ಲಿ ಹಲವು ವರ್ಷಗಳಿಂದ ಒತ್ತುವರಿ ಸಮಸ್ಯೆ ಇದೆ. ಇದನ್ನು ಪರಿಹರಿಸಲು ನಗರಸಭೆ ಕ್ರಮ ಕೈಗೊಂಡಿದೆ. ಸಾರ್ವಜನಿಕ ಆಸ್ತಿ ರಕ್ಷಣೆ ನಗರಸಭೆಯ ಜವಾಬ್ದಾರಿ. ಒತ್ತುವರಿದಾರರು ಸ್ವಯಂಪ್ರೇರಿತರಾಗಿ ತೆರವುಗೊಳಿಸಬೇಕು. ಇಲ್ಲದಿದ್ದರೆ ಕಾನೂನು ಕ್ರಮ ಜರುಗಿಸಲಾಗುವುದು ಎಂದು ಎಚ್ಚರಿಕೆ ನೀಡಿದರು.
ದೈಹಿಕ ಶಿಕ್ಷಣ ಶಿಕ್ಷಕ ಶ್ರೀಧರ್ ಹಿರೇಮಠ್ ಅಭಿಮತ
ಸಮಾನತೆ, ಭ್ರಾತೃತ್ವ ಸಂವಿಧಾನದ ಮೂಲಮಂತ್ರ
ಚಿಂತಾಮಣಿ: ವಿಶ್ವದ ಅತಿ ದೊಡ್ಡ ಪ್ರಜಾಪ್ರಭುತ್ವ ರಾಷ್ಟ್ರವಾದ ಭಾರತದ ಸಂವಿಧಾನ ಜಗತ್ತಿನಲ್ಲೇ ಅತ್ಯಂತ ಶ್ರೇಷ್ಠ ಸಂವಿಧಾನ ಎಂದು ದೈಹಿಕ ಶಿಕ್ಷಣ ಶಿಕ್ಷಕ ಶ್ರೀಧರ್ ಹಿರೇಮಠ್ ಅಭಿಪ್ರಾಯಪಟ್ಟರು. ಪಟ್ಟಣದ ಸರ್ಕಾರಿ ಪ್ರೌಢಶಾಲೆಯಲ್ಲಿ ಆಯೋಜಿಸಿದ್ದ ಸಂವಿಧಾನ ದಿನಾಚರಣೆಯಲ್ಲಿ ಮಾತನಾಡಿದರು. 2015ರಿಂದ ನವೆಂಬರ್ 26ರಂದು ಸಂವಿಧಾನ ದಿನವನ್ನು ಆಚರಿಸಲಾಗುತ್ತಿದೆ. ಡಾ.ಬಿ.ಆರ್.ಅಂಬೇಡ್ಕರ್ ಅವರು ಸಂವಿಧಾನ ರಚನಾ ಸಮಿತಿಯ ಅಧ್ಯಕ್ಷರಾಗಿ ಕಾರ್ಯನಿರ್ವಹಿಸಿ 2 ವರ್ಷ 11 ತಿಂಗಳು 18 ದಿನಗಳಲ್ಲಿ ಸಂವಿಧಾನ ರಚಿಸಿದರು. 1949 ನವೆಂಬರ್ 26ರಂದು ಅಂಗೀಕರಿಸಲಾಯಿತು. 1950 ಜನವರಿ 26ರಂದು ಜಾರಿಗೆ ಬಂದಿತು ಎಂದರು.
ಮುಖ್ಯಶಿಕ್ಷಕ ಮಾತನಾಡಿ, ಸಮಾನತೆ, ಸ್ವಾತಂತ್ರ್ಯ, ಭ್ರಾತೃತ್ವ ಮತ್ತು ನ್ಯಾಯ ಸಂವಿಧಾನದ ಮೂಲಮಂತ್ರಗಳು. ವಿದ್ಯಾರ್ಥಿಗಳು ಸಂವಿಧಾನದ ಮೌಲ್ಯಗಳನ್ನು ಜೀವನದಲ್ಲಿ ಅಳವಡಿಸಿಕೊಳ್ಳಬೇಕು. ಮೂಲಭೂತ ಹಕ್ಕುಗಳ ಜೊತೆಗೆ ಮೂಲಭೂತ ಕರ್ತವ್ಯಗಳನ್ನೂ ಪಾಲಿಸಬೇಕು ಎಂದು ಕಿವಿಮಾತು ಹೇಳಿದರು. ಕಾರ್ಯಕ್ರಮದಲ್ಲಿ ವಿದ್ಯಾರ್ಥಿಗಳು ಸಂವಿಧಾನ ಪೀಠಿಕೆ ಓದಿದರು. ಶಿಕ್ಷಕರಾದ ಲೋಕೇಶ್, ರಮೇಶ್, ಮಂಜುನಾಥ್, ಸುಮಿತ್ರಾ, ಗೀತಾ ಸೇರಿದಂತೆ ಸಿಬ್ಬಂದಿ ಹಾಗೂ ವಿದ್ಯಾರ್ಥಿಗಳು ಉಪಸ್ಥಿತರಿದ್ದರು.
